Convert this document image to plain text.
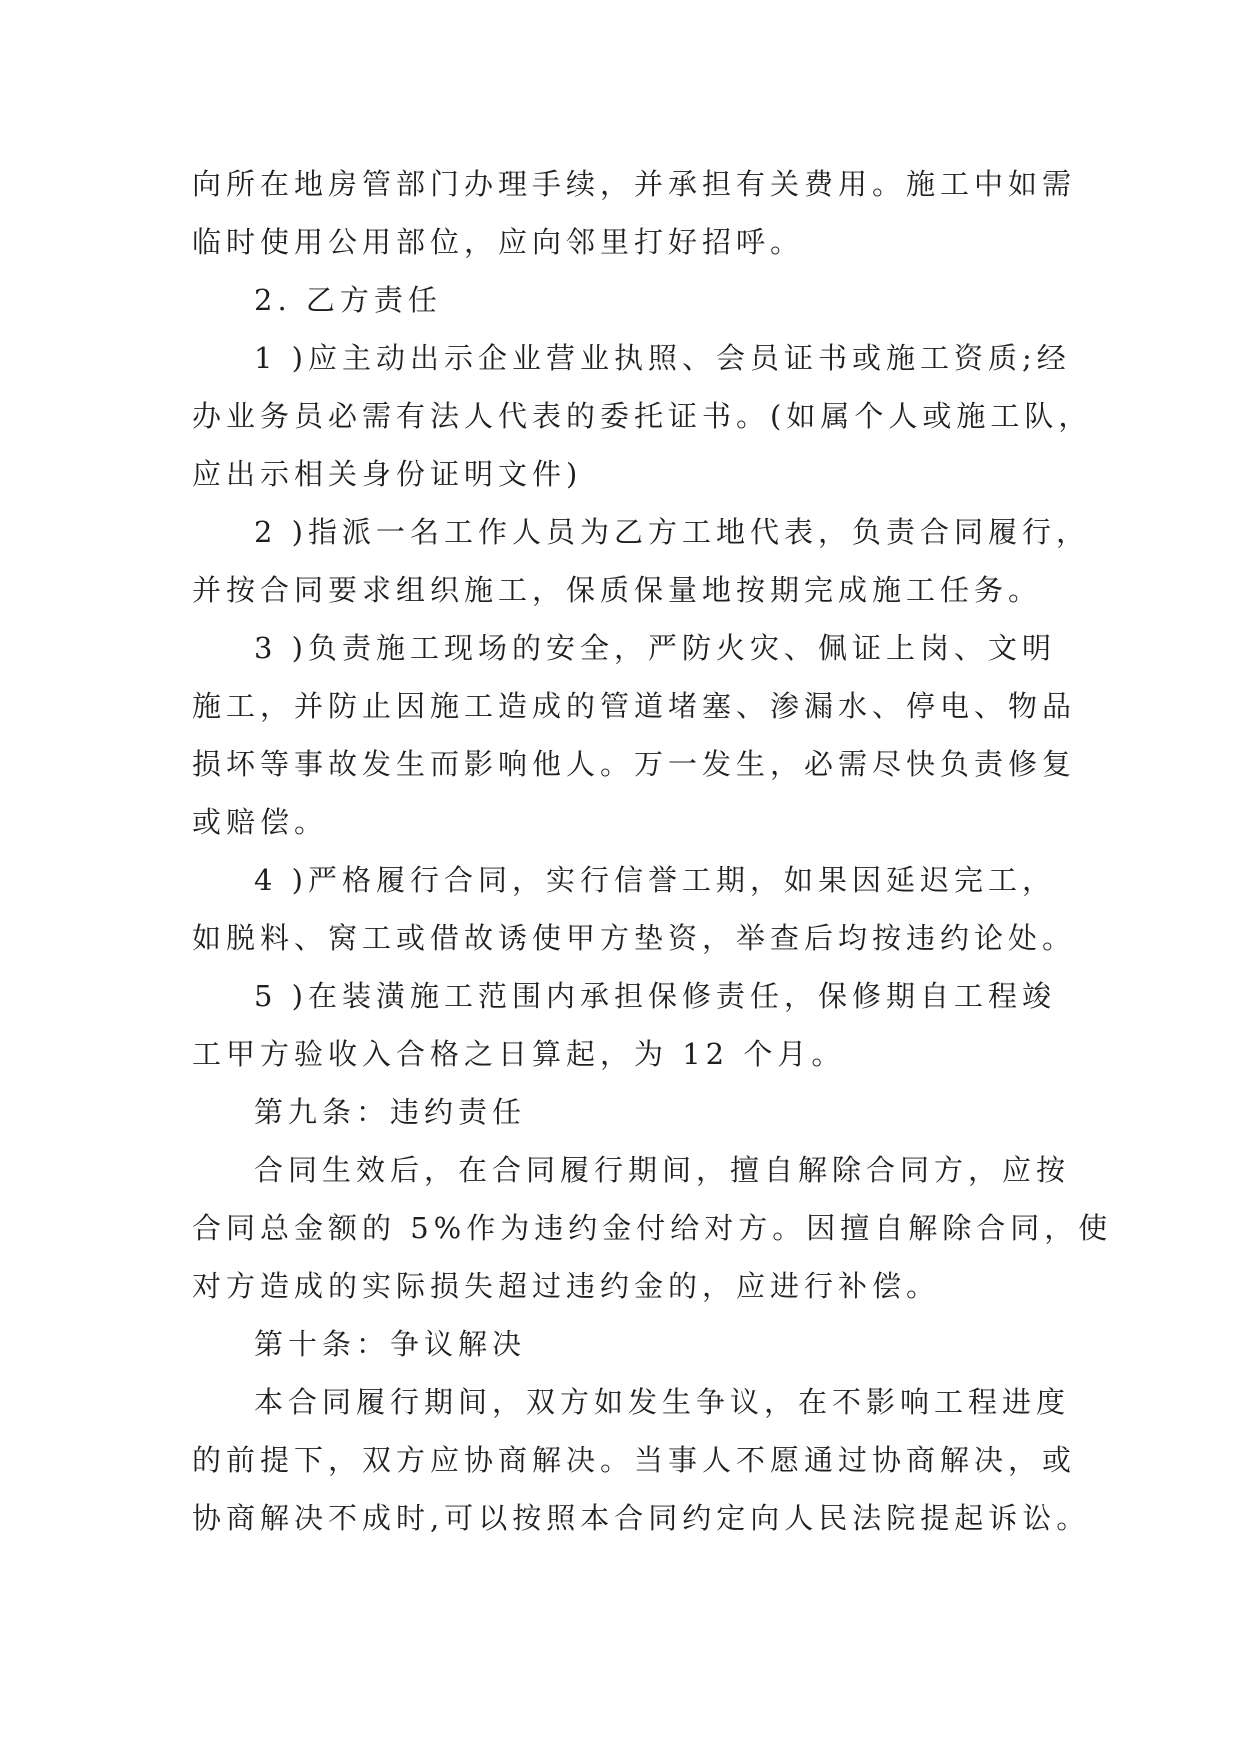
向所在地房管部门办理手续，并承担有关费用。施工中如需
临时使用公用部位，应向邻里打好招呼。
2. 乙方责任
1 )应主动出示企业营业执照、会员证书或施工资质;经
办业务员必需有法人代表的委托证书。(如属个人或施工队，
应出示相关身份证明文件)
2 )指派一名工作人员为乙方工地代表，负责合同履行，
并按合同要求组织施工，保质保量地按期完成施工任务。
3 )负责施工现场的安全，严防火灾、佩证上岗、文明
施工，并防止因施工造成的管道堵塞、渗漏水、停电、物品
损坏等事故发生而影响他人。万一发生，必需尽快负责修复
或赔偿。
4 )严格履行合同，实行信誉工期，如果因延迟完工，
如脱料、窝工或借故诱使甲方垫资，举查后均按违约论处。
5 )在装潢施工范围内承担保修责任，保修期自工程竣
工甲方验收入合格之日算起，为 12 个月。
第九条：违约责任
合同生效后，在合同履行期间，擅自解除合同方，应按
合同总金额的 5%作为违约金付给对方。因擅自解除合同，使
对方造成的实际损失超过违约金的，应进行补偿。
第十条：争议解决
本合同履行期间，双方如发生争议，在不影响工程进度
的前提下，双方应协商解决。当事人不愿通过协商解决，或
协商解决不成时,可以按照本合同约定向人民法院提起诉讼。
